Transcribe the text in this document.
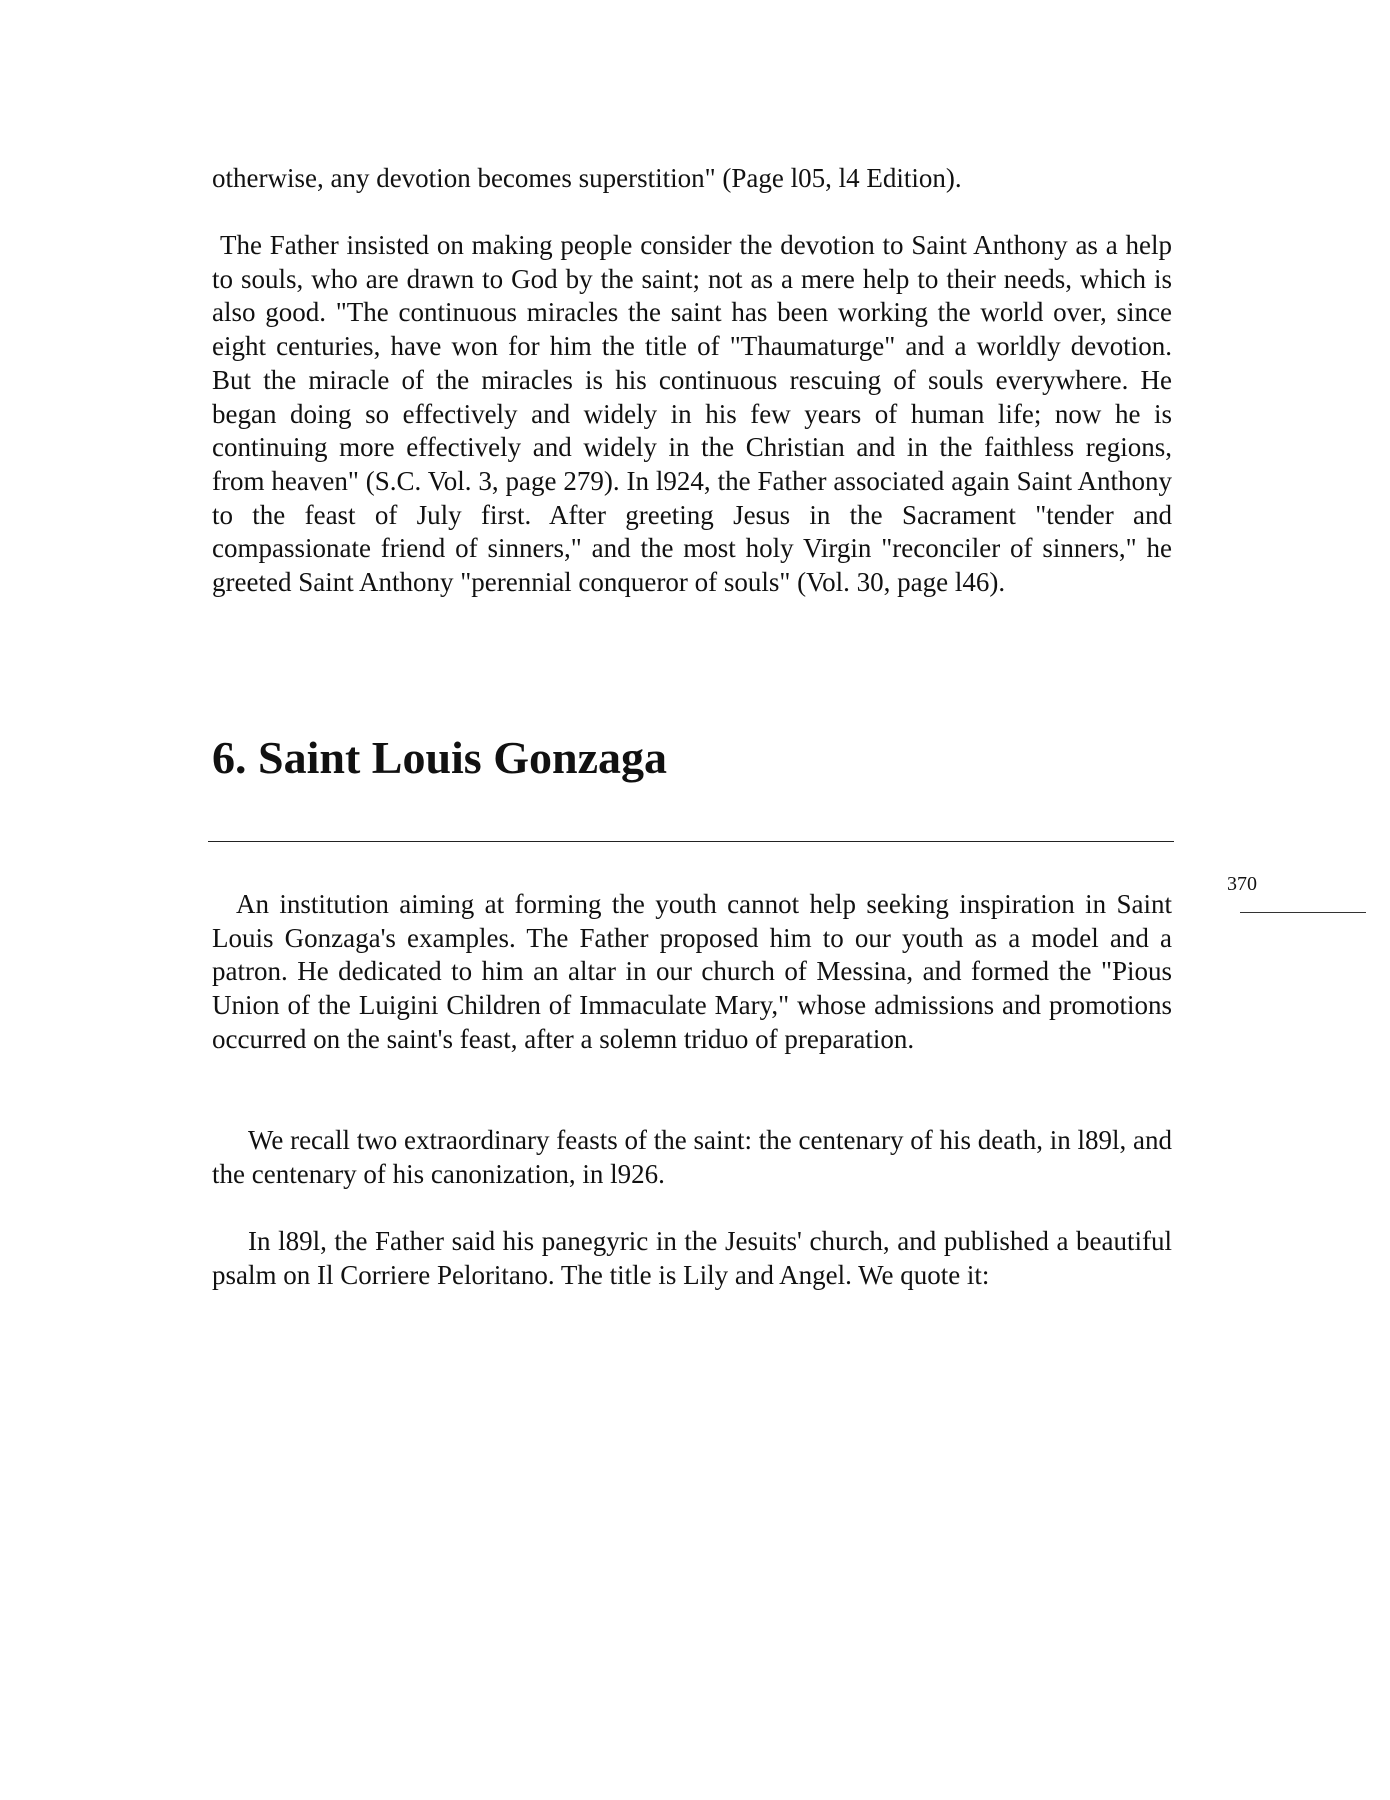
otherwise, any devotion becomes superstition" (Page l05, l4 Edition).

The Father insisted on making people consider the devotion to Saint Anthony as a help to souls, who are drawn to God by the saint; not as a mere help to their needs, which is also good. "The continuous miracles the saint has been working the world over, since eight centuries, have won for him the title of "Thaumaturge" and a worldly devotion. But the miracle of the miracles is his continuous rescuing of souls everywhere. He began doing so effectively and widely in his few years of human life; now he is continuing more effectively and widely in the Christian and in the faithless regions, from heaven" (S.C. Vol. 3, page 279). In l924, the Father associated again Saint Anthony to the feast of July first. After greeting Jesus in the Sacrament "tender and compassionate friend of sinners," and the most holy Virgin "reconciler of sinners," he greeted Saint Anthony "perennial conqueror of souls" (Vol. 30, page l46).

6. Saint Louis Gonzaga

370

An institution aiming at forming the youth cannot help seeking inspiration in Saint Louis Gonzaga's examples. The Father proposed him to our youth as a model and a patron. He dedicated to him an altar in our church of Messina, and formed the "Pious Union of the Luigini Children of Immaculate Mary," whose admissions and promotions occurred on the saint's feast, after a solemn triduo of preparation.

We recall two extraordinary feasts of the saint: the centenary of his death, in l89l, and the centenary of his canonization, in l926.

In l89l, the Father said his panegyric in the Jesuits' church, and published a beautiful psalm on Il Corriere Peloritano. The title is Lily and Angel. We quote it:
